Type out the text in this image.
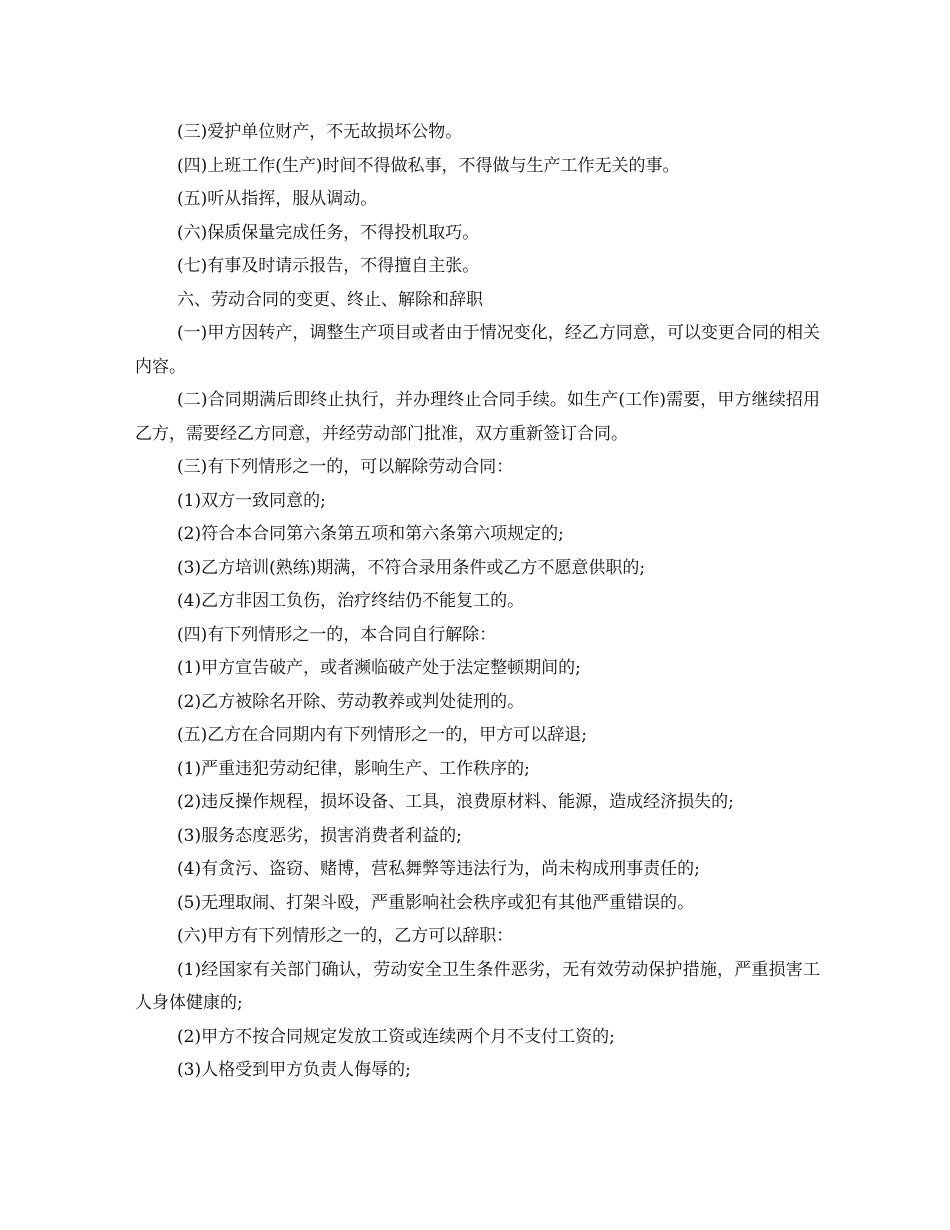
(三)爱护单位财产，不无故损坏公物。

(四)上班工作(生产)时间不得做私事，不得做与生产工作无关的事。

(五)听从指挥，服从调动。

(六)保质保量完成任务，不得投机取巧。

(七)有事及时请示报告，不得擅自主张。

六、劳动合同的变更、终止、解除和辞职

(一)甲方因转产，调整生产项目或者由于情况变化，经乙方同意，可以变更合同的相关内容。

(二)合同期满后即终止执行，并办理终止合同手续。如生产(工作)需要，甲方继续招用乙方，需要经乙方同意，并经劳动部门批准，双方重新签订合同。

(三)有下列情形之一的，可以解除劳动合同：

(1)双方一致同意的;

(2)符合本合同第六条第五项和第六条第六项规定的;

(3)乙方培训(熟练)期满，不符合录用条件或乙方不愿意供职的;

(4)乙方非因工负伤，治疗终结仍不能复工的。

(四)有下列情形之一的，本合同自行解除：

(1)甲方宣告破产，或者濒临破产处于法定整顿期间的;

(2)乙方被除名开除、劳动教养或判处徒刑的。

(五)乙方在合同期内有下列情形之一的，甲方可以辞退;

(1)严重违犯劳动纪律，影响生产、工作秩序的;

(2)违反操作规程，损坏设备、工具，浪费原材料、能源，造成经济损失的;

(3)服务态度恶劣，损害消费者利益的;

(4)有贪污、盗窃、赌博，营私舞弊等违法行为，尚未构成刑事责任的;

(5)无理取闹、打架斗殴，严重影响社会秩序或犯有其他严重错误的。

(六)甲方有下列情形之一的，乙方可以辞职：

(1)经国家有关部门确认，劳动安全卫生条件恶劣，无有效劳动保护措施，严重损害工人身体健康的;

(2)甲方不按合同规定发放工资或连续两个月不支付工资的;

(3)人格受到甲方负责人侮辱的;
